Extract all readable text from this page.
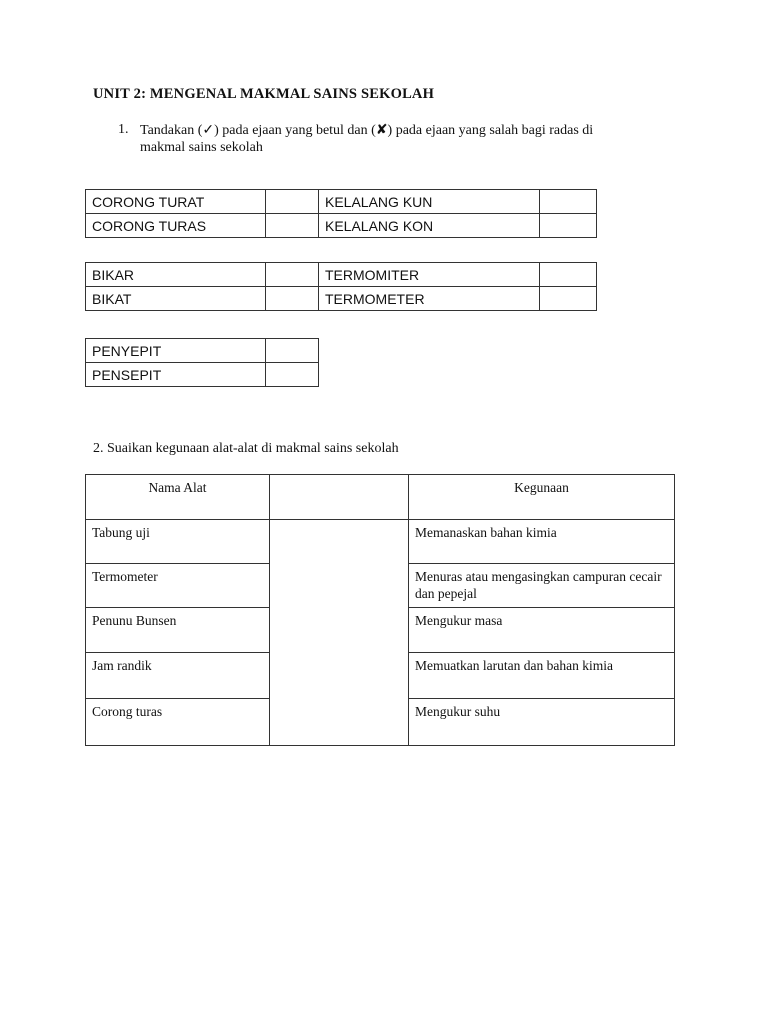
UNIT 2: MENGENAL MAKMAL SAINS SEKOLAH
1. Tandakan (✓) pada ejaan yang betul dan (✘) pada ejaan yang salah bagi radas di
makmal sains sekolah
CORONG TURAT		KELALANG KUN	
CORONG TURAS		KELALANG KON	
BIKAR		TERMOMITER	
BIKAT		TERMOMETER	
PENYEPIT	
PENSEPIT	
2. Suaikan kegunaan alat-alat di makmal sains sekolah
Nama Alat		Kegunaan
Tabung uji		Memanaskan bahan kimia
Termometer		Menuras atau mengasingkan campuran cecair dan pepejal
Penunu Bunsen		Mengukur masa
Jam randik		Memuatkan larutan dan bahan kimia
Corong turas		Mengukur suhu
